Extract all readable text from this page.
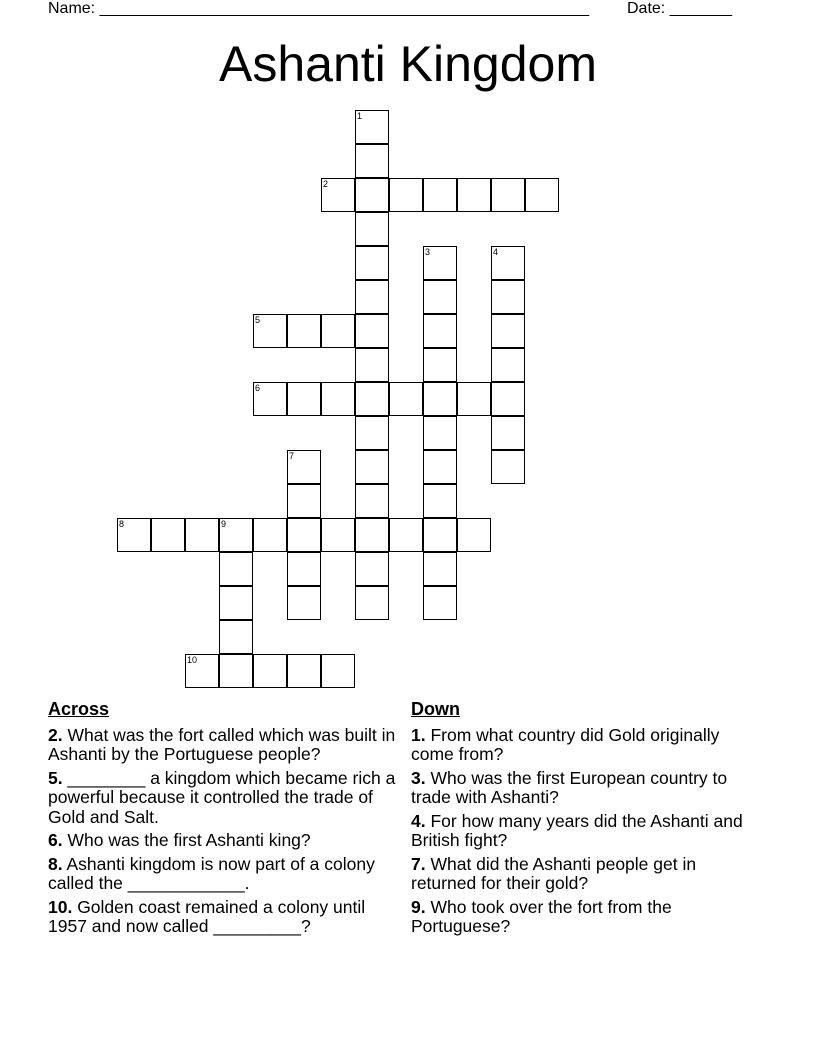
Name: _______________________________________________________ Date: _______
Ashanti Kingdom
1
2
3	4
5
6
7
8	9
10
Across
2. What was the fort called which was built in Ashanti by the Portuguese people?
5. ________ a kingdom which became rich a powerful because it controlled the trade of Gold and Salt.
6. Who was the first Ashanti king?
8. Ashanti kingdom is now part of a colony called the ____________.
10. Golden coast remained a colony until 1957 and now called _________?
Down
1. From what country did Gold originally come from?
3. Who was the first European country to trade with Ashanti?
4. For how many years did the Ashanti and British fight?
7. What did the Ashanti people get in returned for their gold?
9. Who took over the fort from the Portuguese?
